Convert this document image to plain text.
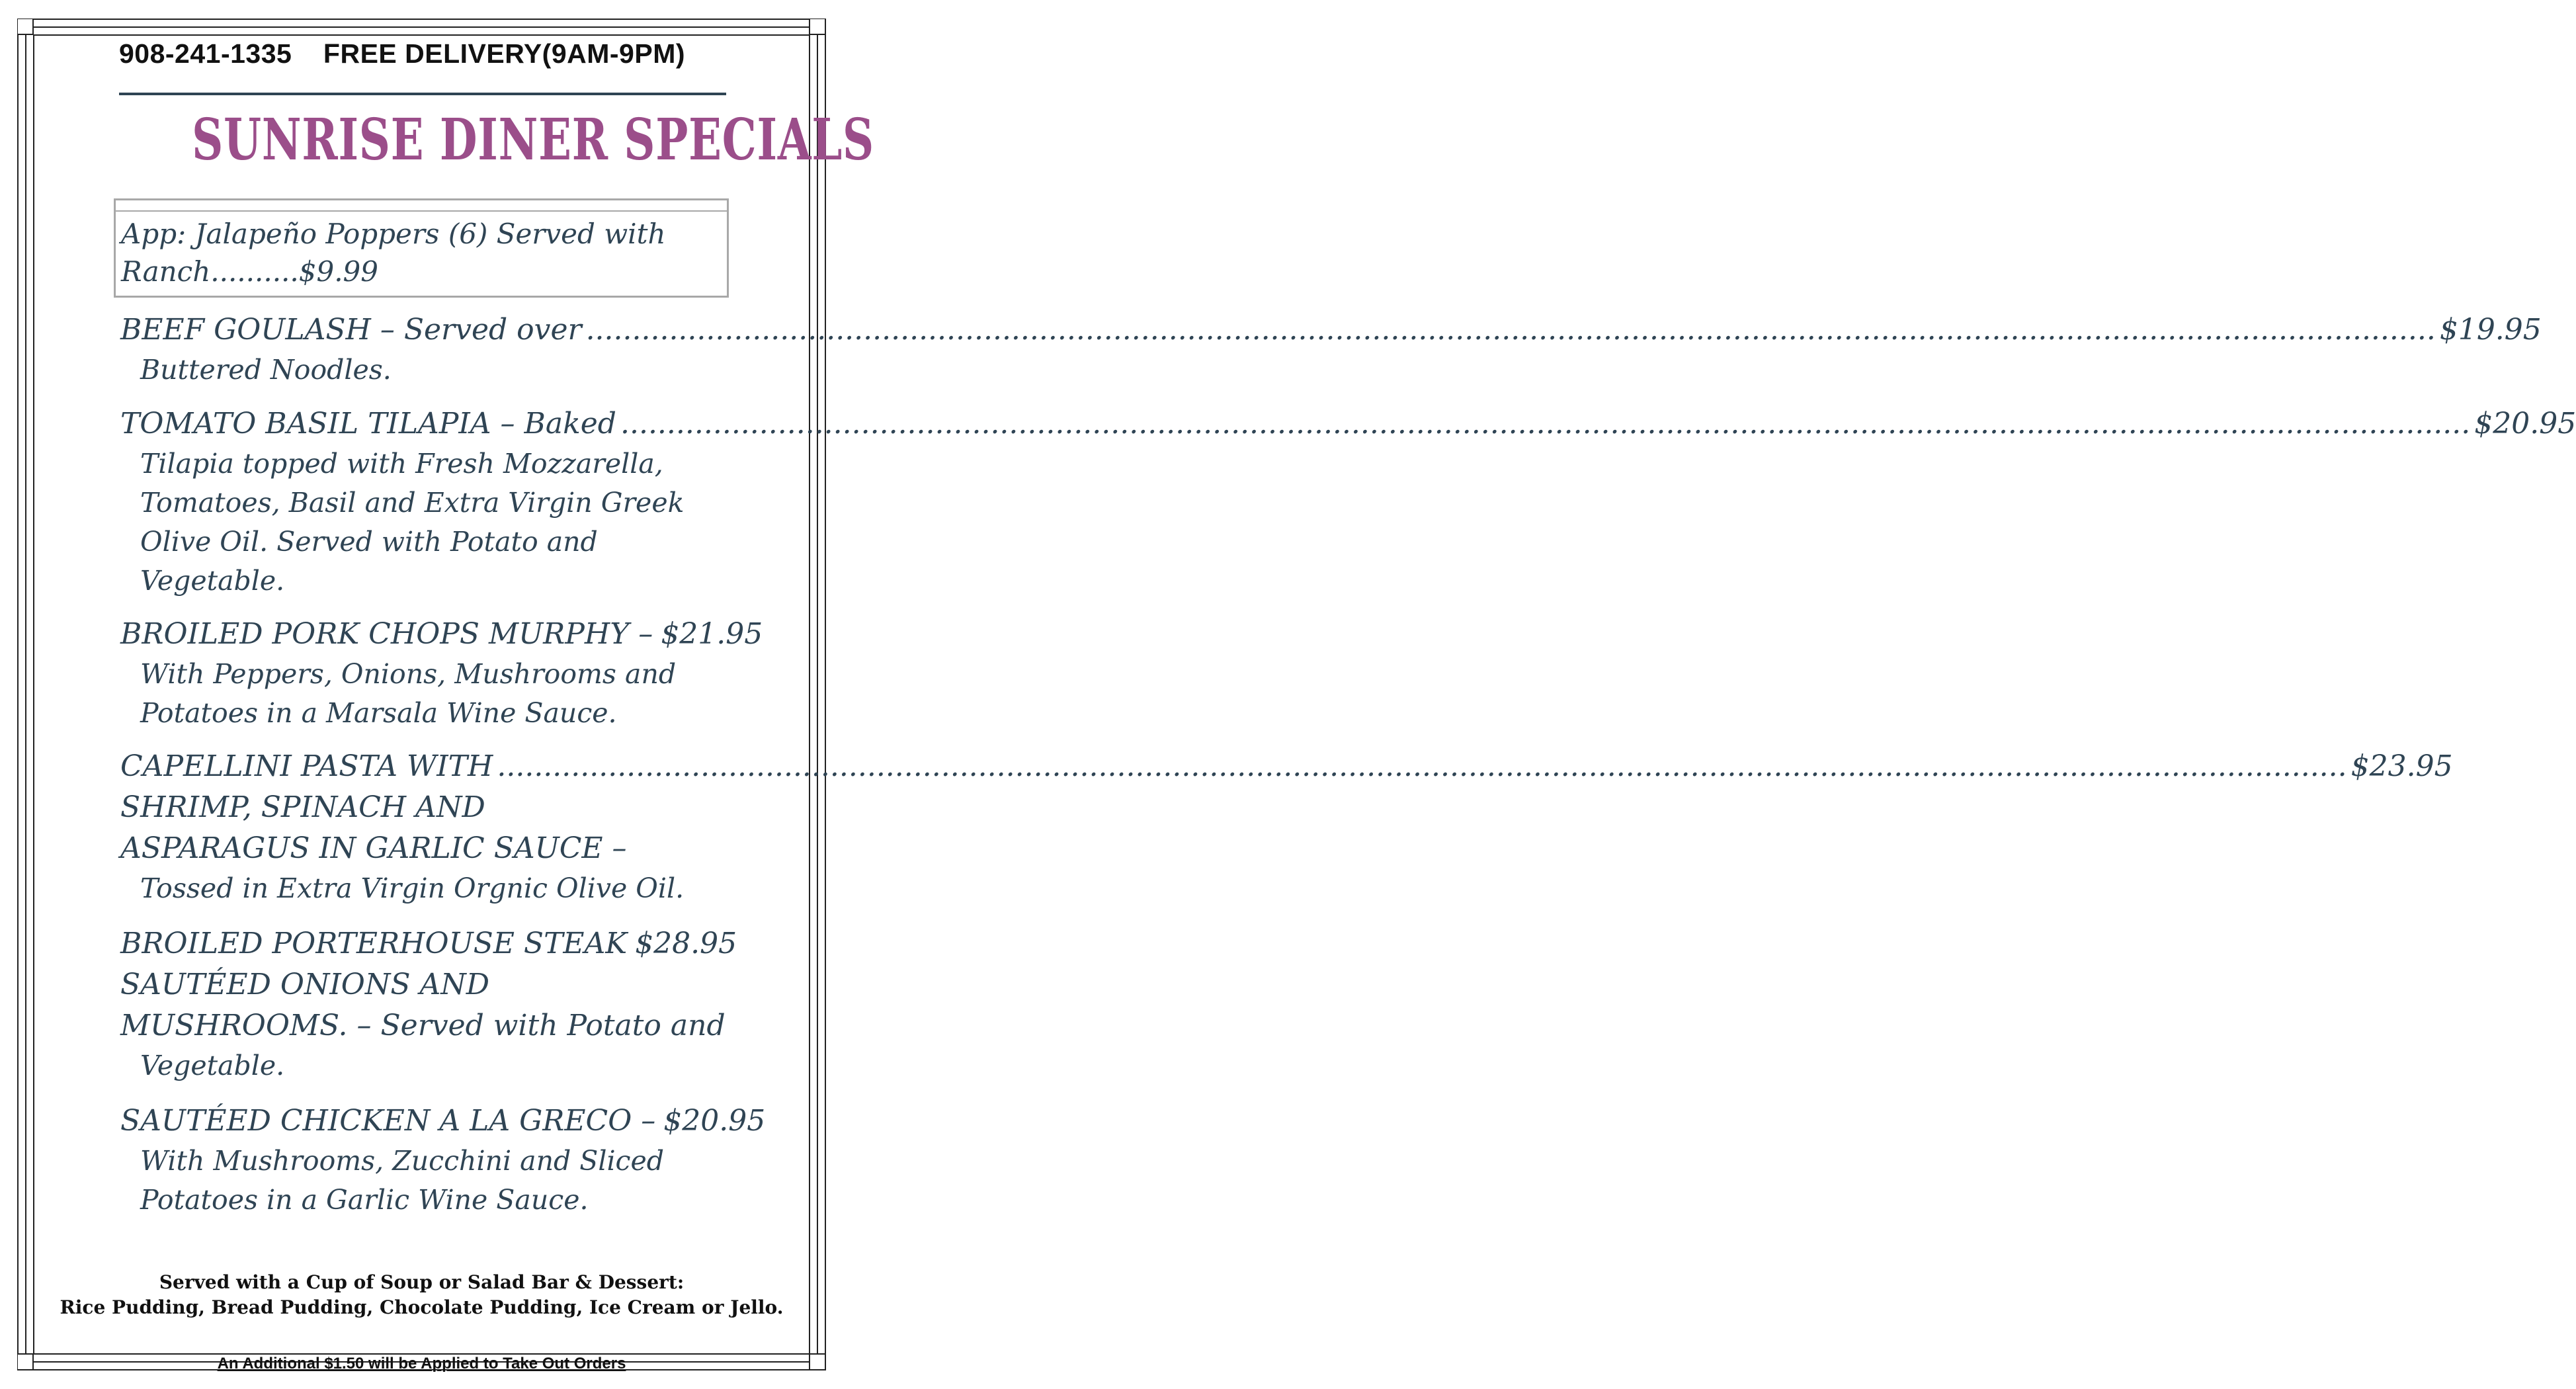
908-241-1335 FREE DELIVERY(9AM-9PM)
SUNRISE DINER SPECIALS
App: Jalapeño Poppers (6) Served with
Ranch..........$9.99
BEEF GOULASH – Served over ........................................................................................................................................................................................................ $19.95
Buttered Noodles.
TOMATO BASIL TILAPIA – Baked ........................................................................................................................................................................................................ $20.95
Tilapia topped with Fresh Mozzarella,
Tomatoes, Basil and Extra Virgin Greek
Olive Oil. Served with Potato and
Vegetable.
BROILED PORK CHOPS MURPHY – $21.95
With Peppers, Onions, Mushrooms and
Potatoes in a Marsala Wine Sauce.
CAPELLINI PASTA WITH ........................................................................................................................................................................................................ $23.95
SHRIMP, SPINACH AND
ASPARAGUS IN GARLIC SAUCE –
Tossed in Extra Virgin Orgnic Olive Oil.
BROILED PORTERHOUSE STEAK $28.95
SAUTÉED ONIONS AND
MUSHROOMS. – Served with Potato and
Vegetable.
SAUTÉED CHICKEN A LA GRECO – $20.95
With Mushrooms, Zucchini and Sliced
Potatoes in a Garlic Wine Sauce.
Served with a Cup of Soup or Salad Bar & Dessert:
Rice Pudding, Bread Pudding, Chocolate Pudding, Ice Cream or Jello.
An Additional $1.50 will be Applied to Take Out Orders
